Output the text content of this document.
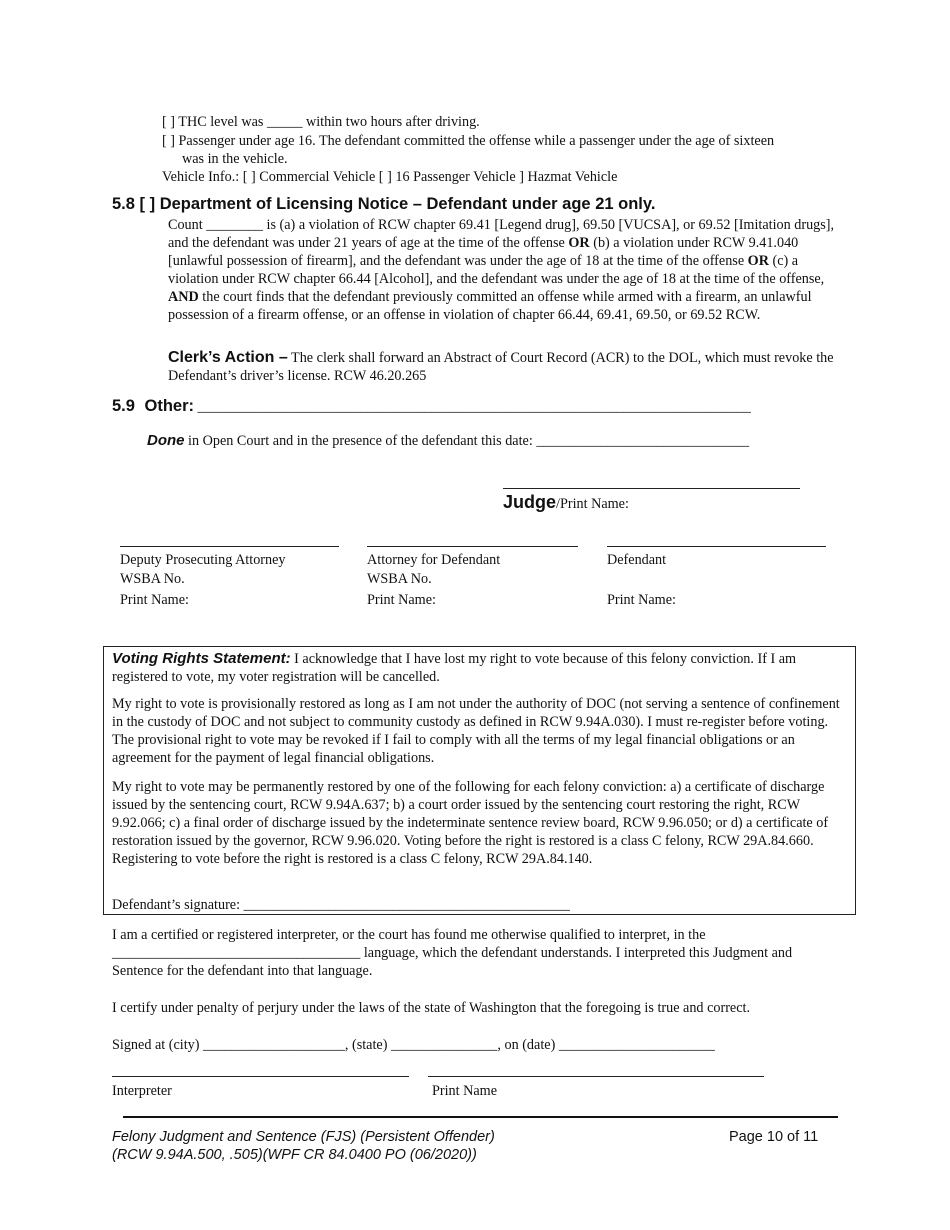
[ ] THC level was _____ within two hours after driving.
[ ] Passenger under age 16. The defendant committed the offense while a passenger under the age of sixteen
was in the vehicle.
Vehicle Info.: [ ] Commercial Vehicle [ ] 16 Passenger Vehicle ] Hazmat Vehicle
5.8 [ ] Department of Licensing Notice – Defendant under age 21 only.
Count ________ is (a) a violation of RCW chapter 69.41 [Legend drug], 69.50 [VUCSA], or 69.52 [Imitation drugs], and the defendant was under 21 years of age at the time of the offense OR (b) a violation under RCW 9.41.040 [unlawful possession of firearm], and the defendant was under the age of 18 at the time of the offense OR (c) a violation under RCW chapter 66.44 [Alcohol], and the defendant was under the age of 18 at the time of the offense, AND the court finds that the defendant previously committed an offense while armed with a firearm, an unlawful possession of a firearm offense, or an offense in violation of chapter 66.44, 69.41, 69.50, or 69.52 RCW.
Clerk’s Action – The clerk shall forward an Abstract of Court Record (ACR) to the DOL, which must revoke the Defendant’s driver’s license. RCW 46.20.265
5.9 Other: ______________________________________________________________________________
Done in Open Court and in the presence of the defendant this date: ______________________________
Judge/Print Name:
Deputy Prosecuting Attorney
WSBA No.
Print Name:
Attorney for Defendant
WSBA No.
Print Name:
Defendant
Print Name:
Voting Rights Statement: I acknowledge that I have lost my right to vote because of this felony conviction. If I am registered to vote, my voter registration will be cancelled.
My right to vote is provisionally restored as long as I am not under the authority of DOC (not serving a sentence of confinement in the custody of DOC and not subject to community custody as defined in RCW 9.94A.030). I must re-register before voting. The provisional right to vote may be revoked if I fail to comply with all the terms of my legal financial obligations or an agreement for the payment of legal financial obligations.
My right to vote may be permanently restored by one of the following for each felony conviction: a) a certificate of discharge issued by the sentencing court, RCW 9.94A.637; b) a court order issued by the sentencing court restoring the right, RCW 9.92.066; c) a final order of discharge issued by the indeterminate sentence review board, RCW 9.96.050; or d) a certificate of restoration issued by the governor, RCW 9.96.020. Voting before the right is restored is a class C felony, RCW 29A.84.660. Registering to vote before the right is restored is a class C felony, RCW 29A.84.140.
Defendant’s signature: ______________________________________________
I am a certified or registered interpreter, or the court has found me otherwise qualified to interpret, in the ___________________________________ language, which the defendant understands. I interpreted this Judgment and Sentence for the defendant into that language.
I certify under penalty of perjury under the laws of the state of Washington that the foregoing is true and correct.
Signed at (city) ____________________, (state) _______________, on (date) ______________________
Interpreter	Print Name
Felony Judgment and Sentence (FJS) (Persistent Offender)
(RCW 9.94A.500, .505)(WPF CR 84.0400 PO (06/2020))
Page 10 of 11
